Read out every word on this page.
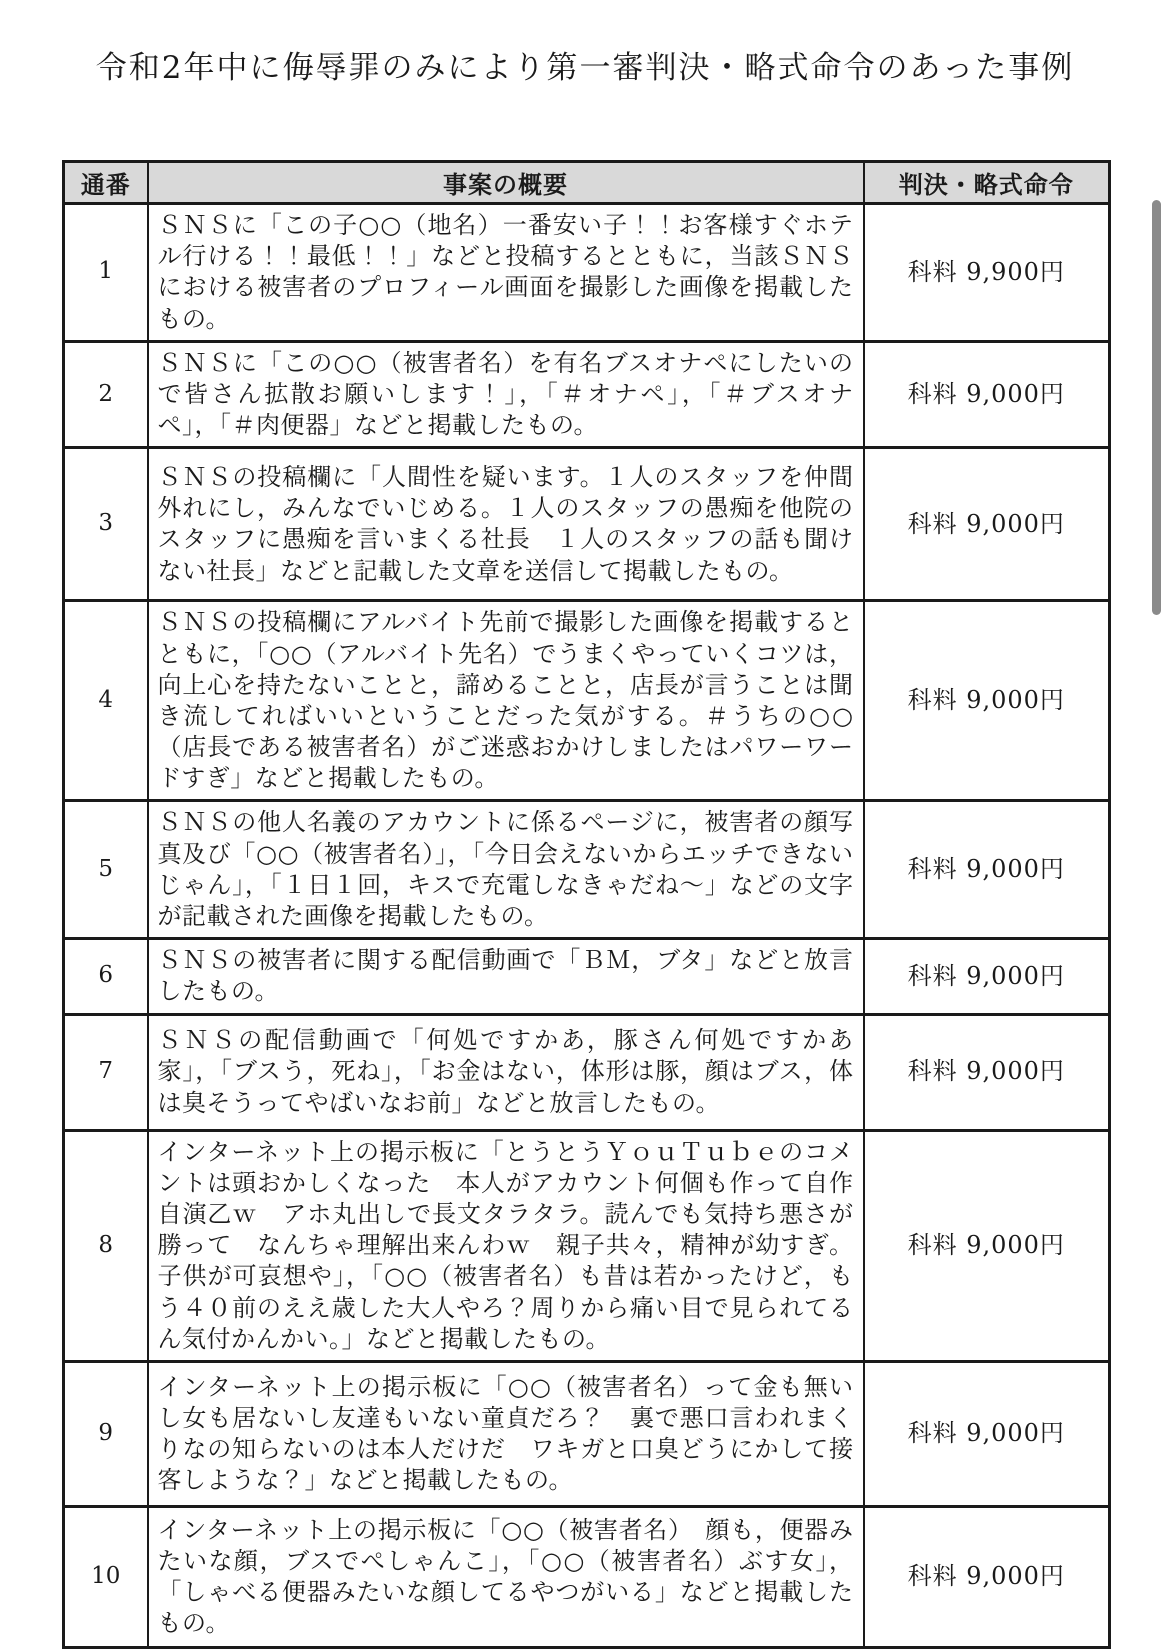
令和2年中に侮辱罪のみにより第一審判決・略式命令のあった事例
通番	事案の概要	判決・略式命令
1	ＳＮＳに「この子○○（地名）一番安い子！！お客様すぐホテル行ける！！最低！！」などと投稿するとともに，当該ＳＮＳにおける被害者のプロフィール画面を撮影した画像を掲載したもの。	科料 9,900円
2	ＳＮＳに「この○○（被害者名）を有名ブスオナペにしたいので皆さん拡散お願いします！」，「＃オナペ」，「＃ブスオナペ」，「＃肉便器」などと掲載したもの。	科料 9,000円
3	ＳＮＳの投稿欄に「人間性を疑います。１人のスタッフを仲間外れにし，みんなでいじめる。１人のスタッフの愚痴を他院のスタッフに愚痴を言いまくる社長　１人のスタッフの話も聞けない社長」などと記載した文章を送信して掲載したもの。	科料 9,000円
4	ＳＮＳの投稿欄にアルバイト先前で撮影した画像を掲載するとともに，「○○（アルバイト先名）でうまくやっていくコツは，向上心を持たないことと，諦めることと，店長が言うことは聞き流してればいいということだった気がする。＃うちの○○（店長である被害者名）がご迷惑おかけしましたはパワーワードすぎ」などと掲載したもの。	科料 9,000円
5	ＳＮＳの他人名義のアカウントに係るページに，被害者の顔写真及び「○○（被害者名）」，「今日会えないからエッチできないじゃん」，「１日１回，キスで充電しなきゃだね～」などの文字が記載された画像を掲載したもの。	科料 9,000円
6	ＳＮＳの被害者に関する配信動画で「ＢＭ，ブタ」などと放言したもの。	科料 9,000円
7	ＳＮＳの配信動画で「何処ですかあ，豚さん何処ですかあ家」，「ブスう，死ね」，「お金はない，体形は豚，顔はブス，体は臭そうってやばいなお前」などと放言したもの。	科料 9,000円
8	インターネット上の掲示板に「とうとうＹｏｕＴｕｂｅのコメントは頭おかしくなった　本人がアカウント何個も作って自作自演乙ｗ　アホ丸出しで長文タラタラ。読んでも気持ち悪さが勝って　なんちゃ理解出来んわｗ　親子共々，精神が幼すぎ。子供が可哀想や」，「○○（被害者名）も昔は若かったけど，もう４０前のええ歳した大人やろ？周りから痛い目で見られてるん気付かんかい。」などと掲載したもの。	科料 9,000円
9	インターネット上の掲示板に「○○（被害者名）って金も無いし女も居ないし友達もいない童貞だろ？　裏で悪口言われまくりなの知らないのは本人だけだ　ワキガと口臭どうにかして接客しような？」などと掲載したもの。	科料 9,000円
10	インターネット上の掲示板に「○○（被害者名）　顔も，便器みたいな顔，ブスでぺしゃんこ」，「○○（被害者名）ぶす女」，「しゃべる便器みたいな顔してるやつがいる」などと掲載したもの。	科料 9,000円
